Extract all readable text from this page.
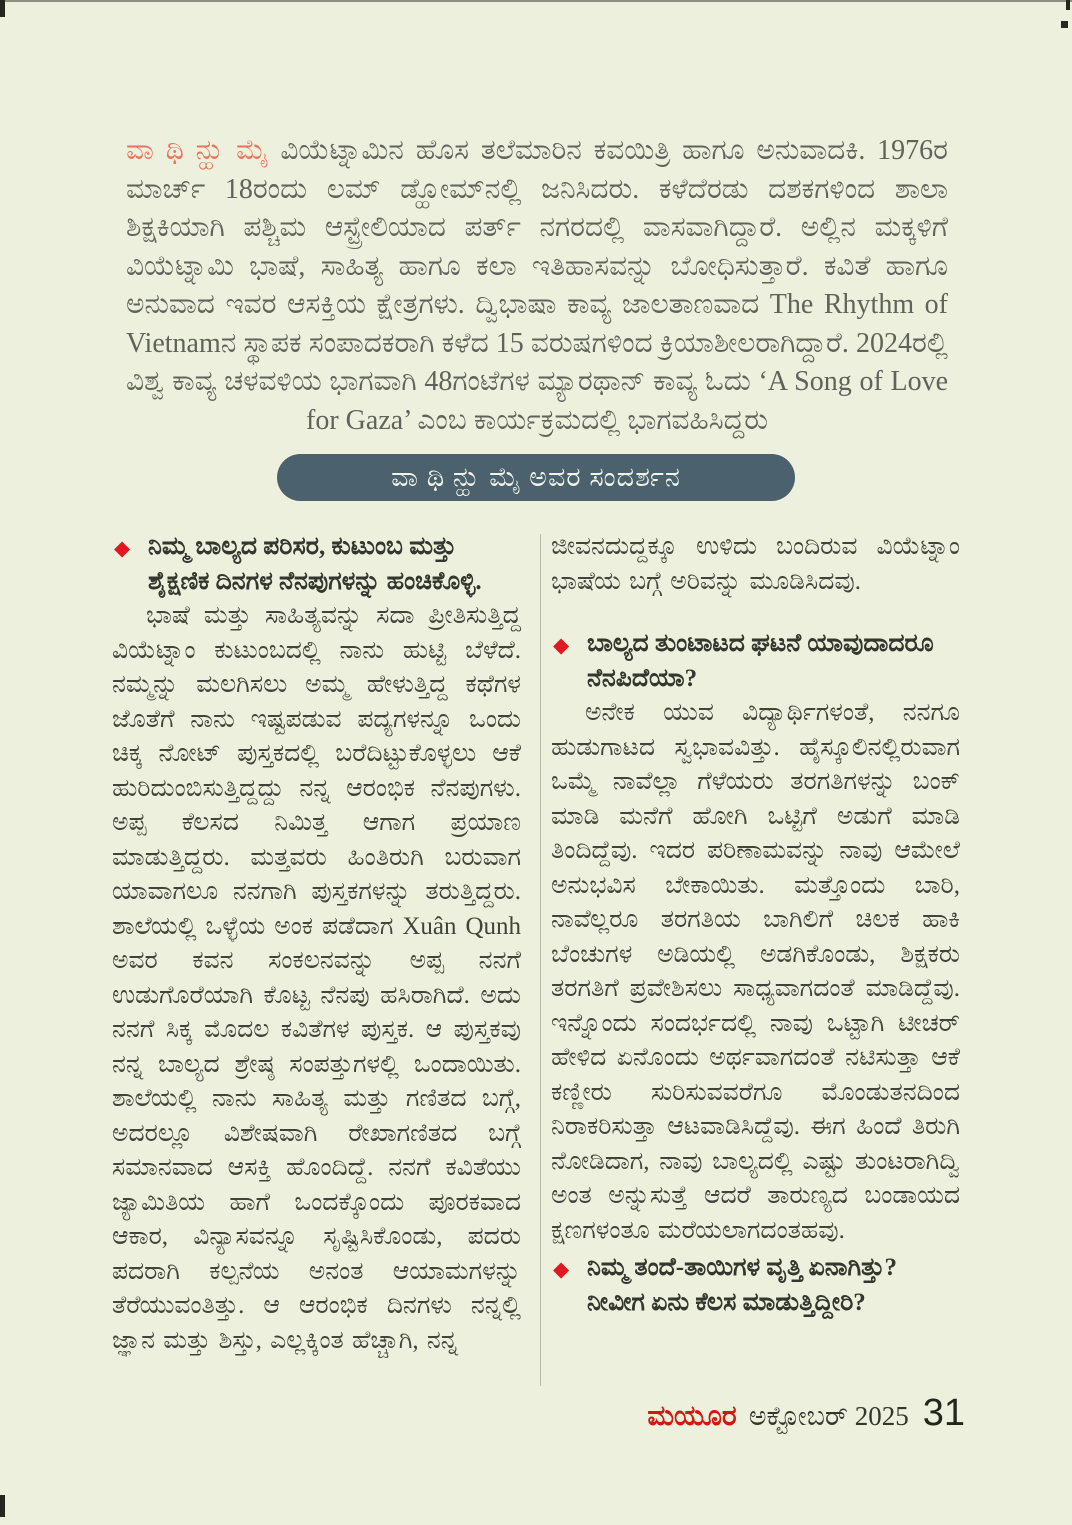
ವಾ ಥಿ ನ್ಹು ಮೈ ವಿಯೆಟ್ನಾಮಿನ ಹೊಸ ತಲೆಮಾರಿನ ಕವಯಿತ್ರಿ ಹಾಗೂ ಅನುವಾದಕಿ. 1976ರ ಮಾರ್ಚ್ 18ರಂದು ಲಮ್ ಡ್ಹೋಮ್‌ನಲ್ಲಿ ಜನಿಸಿದರು. ಕಳೆದೆರಡು ದಶಕಗಳಿಂದ ಶಾಲಾ ಶಿಕ್ಷಕಿಯಾಗಿ ಪಶ್ಚಿಮ ಆಸ್ಟ್ರೇಲಿಯಾದ ಪರ್ತ್ ನಗರದಲ್ಲಿ ವಾಸವಾಗಿದ್ದಾರೆ. ಅಲ್ಲಿನ ಮಕ್ಕಳಿಗೆ ವಿಯೆಟ್ನಾಮಿ ಭಾಷೆ, ಸಾಹಿತ್ಯ ಹಾಗೂ ಕಲಾ ಇತಿಹಾಸವನ್ನು ಬೋಧಿಸುತ್ತಾರೆ. ಕವಿತೆ ಹಾಗೂ ಅನುವಾದ ಇವರ ಆಸಕ್ತಿಯ ಕ್ಷೇತ್ರಗಳು. ದ್ವಿಭಾಷಾ ಕಾವ್ಯ ಜಾಲತಾಣವಾದ The Rhythm of Vietnamನ ಸ್ಥಾಪಕ ಸಂಪಾದಕರಾಗಿ ಕಳೆದ 15 ವರುಷಗಳಿಂದ ಕ್ರಿಯಾಶೀಲರಾಗಿದ್ದಾರೆ. 2024ರಲ್ಲಿ ವಿಶ್ವ ಕಾವ್ಯ ಚಳವಳಿಯ ಭಾಗವಾಗಿ 48ಗಂಟೆಗಳ ಮ್ಯಾರಥಾನ್ ಕಾವ್ಯ ಓದು ‘A Song of Love for Gaza’ ಎಂಬ ಕಾರ್ಯಕ್ರಮದಲ್ಲಿ ಭಾಗವಹಿಸಿದ್ದರು

ವಾ ಥಿ ನ್ಹು ಮೈ ಅವರ ಸಂದರ್ಶನ
◆ ನಿಮ್ಮ ಬಾಲ್ಯದ ಪರಿಸರ, ಕುಟುಂಬ ಮತ್ತು ಶೈಕ್ಷಣಿಕ ದಿನಗಳ ನೆನಪುಗಳನ್ನು ಹಂಚಿಕೊಳ್ಳಿ.

ಭಾಷೆ ಮತ್ತು ಸಾಹಿತ್ಯವನ್ನು ಸದಾ ಪ್ರೀತಿಸುತ್ತಿದ್ದ ವಿಯೆಟ್ನಾಂ ಕುಟುಂಬದಲ್ಲಿ ನಾನು ಹುಟ್ಟಿ ಬೆಳೆದೆ. ನಮ್ಮನ್ನು ಮಲಗಿಸಲು ಅಮ್ಮ ಹೇಳುತ್ತಿದ್ದ ಕಥೆಗಳ ಜೊತೆಗೆ ನಾನು ಇಷ್ಟಪಡುವ ಪದ್ಯಗಳನ್ನೂ ಒಂದು ಚಿಕ್ಕ ನೋಟ್ ಪುಸ್ತಕದಲ್ಲಿ ಬರೆದಿಟ್ಟುಕೊಳ್ಳಲು ಆಕೆ ಹುರಿದುಂಬಿಸುತ್ತಿದ್ದದ್ದು ನನ್ನ ಆರಂಭಿಕ ನೆನಪುಗಳು. ಅಪ್ಪ ಕೆಲಸದ ನಿಮಿತ್ತ ಆಗಾಗ ಪ್ರಯಾಣ ಮಾಡುತ್ತಿದ್ದರು. ಮತ್ತವರು ಹಿಂತಿರುಗಿ ಬರುವಾಗ ಯಾವಾಗಲೂ ನನಗಾಗಿ ಪುಸ್ತಕಗಳನ್ನು ತರುತ್ತಿದ್ದರು. ಶಾಲೆಯಲ್ಲಿ ಒಳ್ಳೆಯ ಅಂಕ ಪಡೆದಾಗ Xuân Qunh ಅವರ ಕವನ ಸಂಕಲನವನ್ನು ಅಪ್ಪ ನನಗೆ ಉಡುಗೊರೆಯಾಗಿ ಕೊಟ್ಟ ನೆನಪು ಹಸಿರಾಗಿದೆ. ಅದು ನನಗೆ ಸಿಕ್ಕ ಮೊದಲ ಕವಿತೆಗಳ ಪುಸ್ತಕ. ಆ ಪುಸ್ತಕವು ನನ್ನ ಬಾಲ್ಯದ ಶ್ರೇಷ್ಠ ಸಂಪತ್ತುಗಳಲ್ಲಿ ಒಂದಾಯಿತು. ಶಾಲೆಯಲ್ಲಿ ನಾನು ಸಾಹಿತ್ಯ ಮತ್ತು ಗಣಿತದ ಬಗ್ಗೆ, ಅದರಲ್ಲೂ ವಿಶೇಷವಾಗಿ ರೇಖಾಗಣಿತದ ಬಗ್ಗೆ ಸಮಾನವಾದ ಆಸಕ್ತಿ ಹೊಂದಿದ್ದೆ. ನನಗೆ ಕವಿತೆಯು ಜ್ಯಾಮಿತಿಯ ಹಾಗೆ ಒಂದಕ್ಕೊಂದು ಪೂರಕವಾದ ಆಕಾರ, ವಿನ್ಯಾಸವನ್ನೂ ಸೃಷ್ಟಿಸಿಕೊಂಡು, ಪದರು ಪದರಾಗಿ ಕಲ್ಪನೆಯ ಅನಂತ ಆಯಾಮಗಳನ್ನು ತೆರೆಯುವಂತಿತ್ತು. ಆ ಆರಂಭಿಕ ದಿನಗಳು ನನ್ನಲ್ಲಿ ಜ್ಞಾನ ಮತ್ತು ಶಿಸ್ತು, ಎಲ್ಲಕ್ಕಿಂತ ಹೆಚ್ಚಾಗಿ, ನನ್ನ

ಜೀವನದುದ್ದಕ್ಕೂ ಉಳಿದು ಬಂದಿರುವ ವಿಯೆಟ್ನಾಂ ಭಾಷೆಯ ಬಗ್ಗೆ ಅರಿವನ್ನು ಮೂಡಿಸಿದವು.

◆ ಬಾಲ್ಯದ ತುಂಟಾಟದ ಘಟನೆ ಯಾವುದಾದರೂ ನೆನಪಿದೆಯಾ?

ಅನೇಕ ಯುವ ವಿದ್ಯಾರ್ಥಿಗಳಂತೆ, ನನಗೂ ಹುಡುಗಾಟದ ಸ್ವಭಾವವಿತ್ತು. ಹೈಸ್ಕೂಲಿನಲ್ಲಿರುವಾಗ ಒಮ್ಮೆ ನಾವೆಲ್ಲಾ ಗೆಳೆಯರು ತರಗತಿಗಳನ್ನು ಬಂಕ್ ಮಾಡಿ ಮನೆಗೆ ಹೋಗಿ ಒಟ್ಟಿಗೆ ಅಡುಗೆ ಮಾಡಿ ತಿಂದಿದ್ದೆವು. ಇದರ ಪರಿಣಾಮವನ್ನು ನಾವು ಆಮೇಲೆ ಅನುಭವಿಸ ಬೇಕಾಯಿತು. ಮತ್ತೊಂದು ಬಾರಿ, ನಾವೆಲ್ಲರೂ ತರಗತಿಯ ಬಾಗಿಲಿಗೆ ಚಿಲಕ ಹಾಕಿ ಬೆಂಚುಗಳ ಅಡಿಯಲ್ಲಿ ಅಡಗಿಕೊಂಡು, ಶಿಕ್ಷಕರು ತರಗತಿಗೆ ಪ್ರವೇಶಿಸಲು ಸಾಧ್ಯವಾಗದಂತೆ ಮಾಡಿದ್ದೆವು. ಇನ್ನೊಂದು ಸಂದರ್ಭದಲ್ಲಿ ನಾವು ಒಟ್ಟಾಗಿ ಟೀಚರ್ ಹೇಳಿದ ಏನೊಂದು ಅರ್ಥವಾಗದಂತೆ ನಟಿಸುತ್ತಾ ಆಕೆ ಕಣ್ಣೀರು ಸುರಿಸುವವರೆಗೂ ಮೊಂಡುತನದಿಂದ ನಿರಾಕರಿಸುತ್ತಾ ಆಟವಾಡಿಸಿದ್ದೆವು. ಈಗ ಹಿಂದೆ ತಿರುಗಿ ನೋಡಿದಾಗ, ನಾವು ಬಾಲ್ಯದಲ್ಲಿ ಎಷ್ಟು ತುಂಟರಾಗಿದ್ವಿ ಅಂತ ಅನ್ನುಸುತ್ತೆ ಆದರೆ ತಾರುಣ್ಯದ ಬಂಡಾಯದ ಕ್ಷಣಗಳಂತೂ ಮರೆಯಲಾಗದಂತಹವು.

◆ ನಿಮ್ಮ ತಂದೆ-ತಾಯಿಗಳ ವೃತ್ತಿ ಏನಾಗಿತ್ತು? ನೀವೀಗ ಏನು ಕೆಲಸ ಮಾಡುತ್ತಿದ್ದೀರಿ?
ಮಯೂರ ಅಕ್ಟೋಬರ್ 2025 31
